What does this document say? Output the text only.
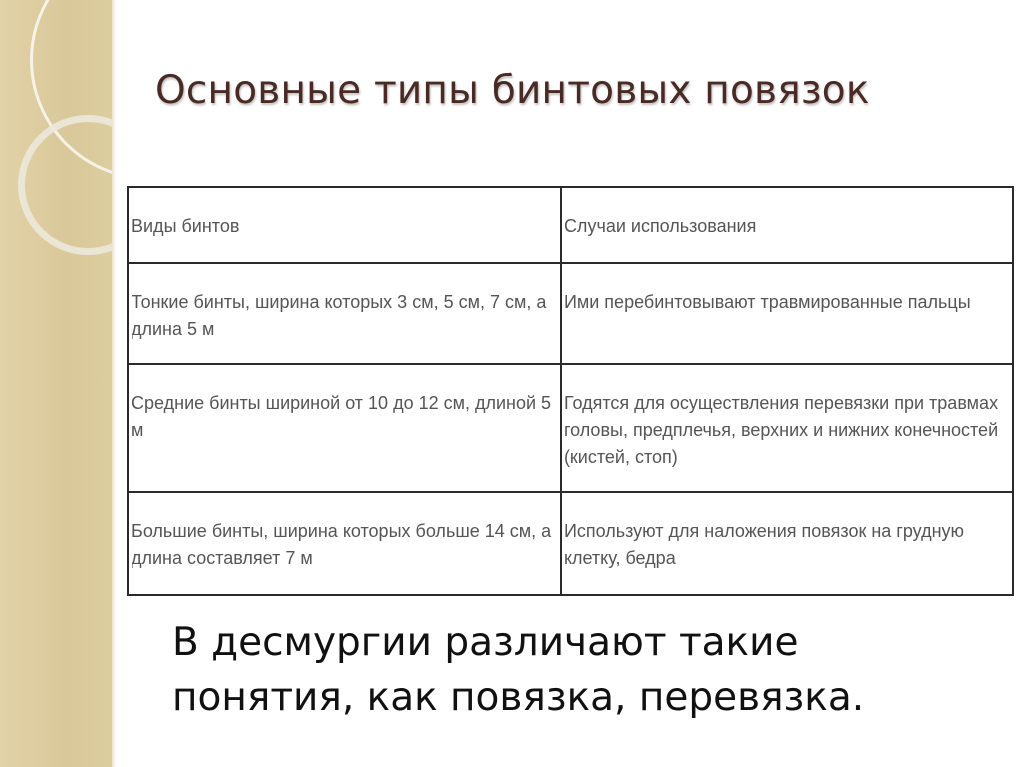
Основные типы бинтовых повязок
Виды бинтов	Случаи использования
Тонкие бинты, ширина которых 3 см, 5 см, 7 см, а длина 5 м	Ими перебинтовывают травмированные пальцы
Средние бинты шириной от 10 до 12 см, длиной 5 м	Годятся для осуществления перевязки при травмах головы, предплечья, верхних и нижних конечностей (кистей, стоп)
Большие бинты, ширина которых больше 14 см, а длина составляет 7 м	Используют для наложения повязок на грудную клетку, бедра
В десмургии различают такие
понятия, как повязка, перевязка.
